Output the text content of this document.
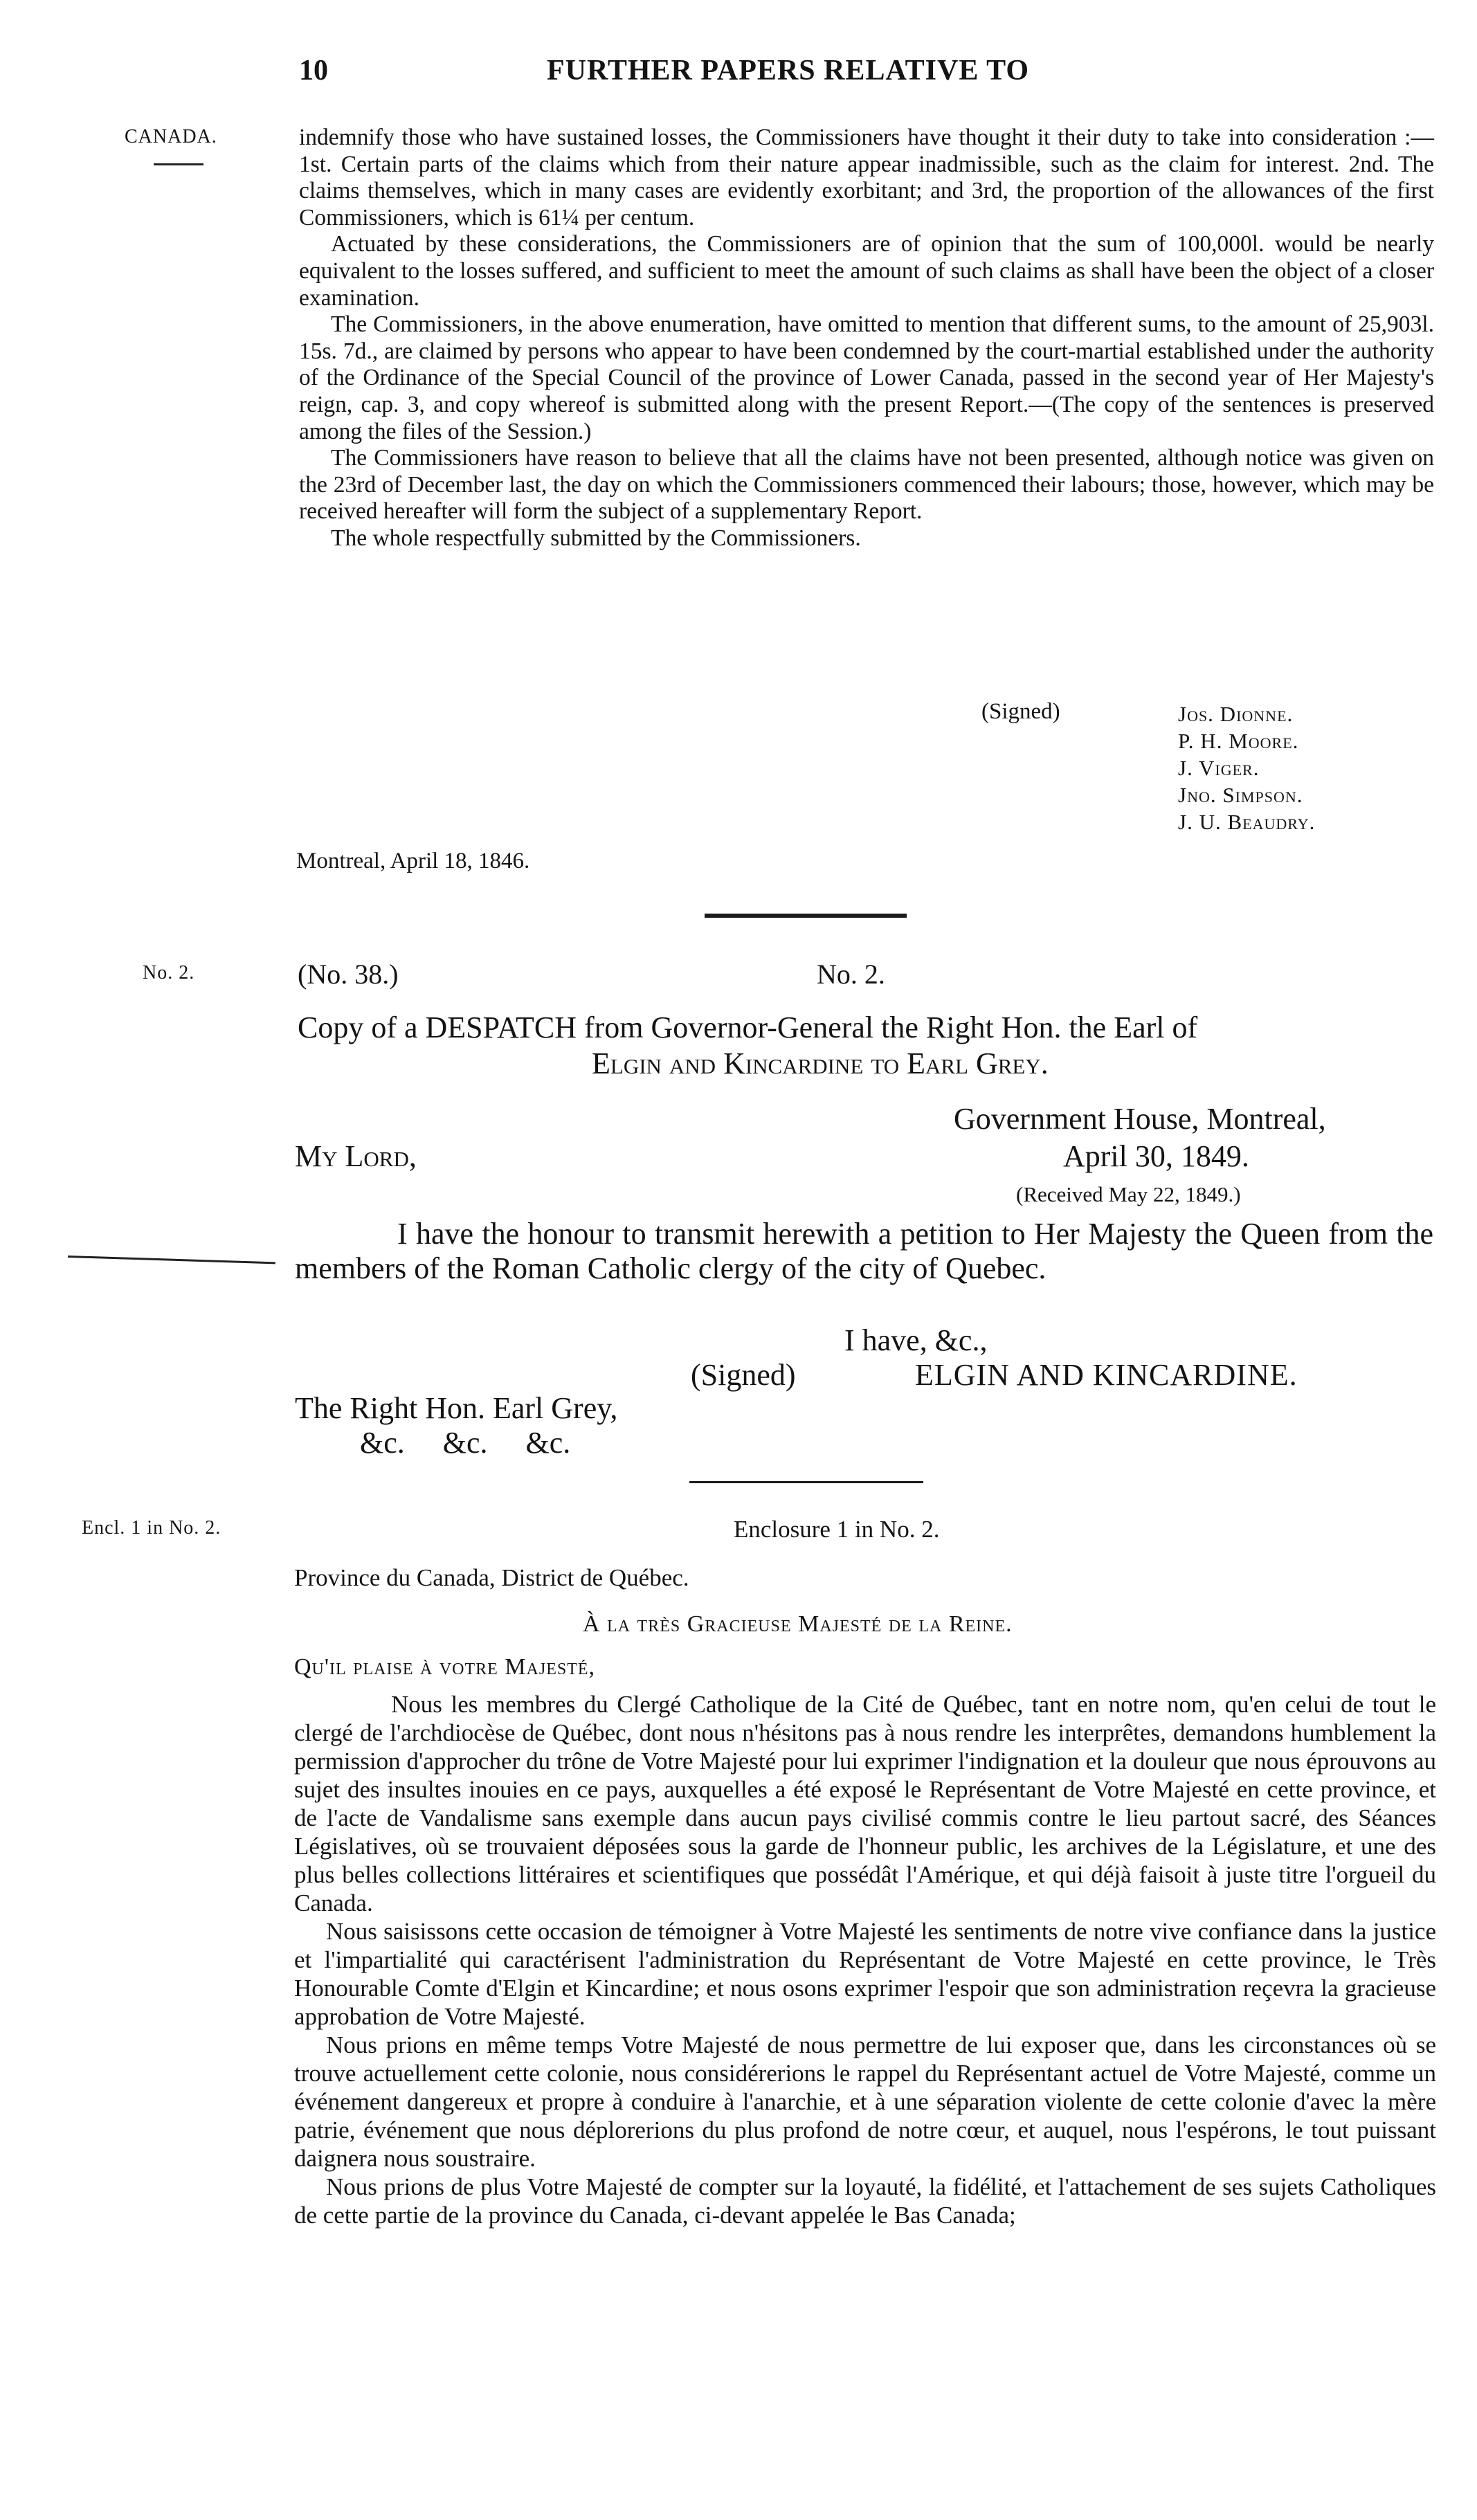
10	FURTHER PAPERS RELATIVE TO
CANADA.
No. 2.
Encl. 1 in No. 2.

indemnify those who have sustained losses, the Commissioners have thought it their duty to take into consideration :—1st. Certain parts of the claims which from their nature appear inadmissible, such as the claim for interest. 2nd. The claims themselves, which in many cases are evidently exorbitant; and 3rd, the proportion of the allowances of the first Commissioners, which is 61¼ per centum.

Actuated by these considerations, the Commissioners are of opinion that the sum of 100,000l. would be nearly equivalent to the losses suffered, and sufficient to meet the amount of such claims as shall have been the object of a closer examination.

The Commissioners, in the above enumeration, have omitted to mention that different sums, to the amount of 25,903l. 15s. 7d., are claimed by persons who appear to have been condemned by the court-martial established under the authority of the Ordinance of the Special Council of the province of Lower Canada, passed in the second year of Her Majesty's reign, cap. 3, and copy whereof is submitted along with the present Report.—(The copy of the sentences is preserved among the files of the Session.)

The Commissioners have reason to believe that all the claims have not been presented, although notice was given on the 23rd of December last, the day on which the Commissioners commenced their labours; those, however, which may be received hereafter will form the subject of a supplementary Report.

The whole respectfully submitted by the Commissioners.

(Signed)	Jos. Dionne.
P. H. Moore.
J. Viger.
Jno. Simpson.
J. U. Beaudry.
Montreal, April 18, 1846.
(No. 38.)	No. 2.
Copy of a DESPATCH from Governor-General the Right Hon. the Earl of
Elgin and Kincardine to Earl Grey.
Government House, Montreal,
April 30, 1849.
My Lord,
(Received May 22, 1849.)
I have the honour to transmit herewith a petition to Her Majesty the Queen from the members of the Roman Catholic clergy of the city of Quebec.
I have, &c.,
(Signed)	ELGIN AND KINCARDINE.
The Right Hon. Earl Grey,
&c.     &c.     &c.
Enclosure 1 in No. 2.
Province du Canada, District de Québec.
À la très Gracieuse Majesté de la Reine.
Qu'il plaise à votre Majesté,

Nous les membres du Clergé Catholique de la Cité de Québec, tant en notre nom, qu'en celui de tout le clergé de l'archdiocèse de Québec, dont nous n'hésitons pas à nous rendre les interprêtes, demandons humblement la permission d'approcher du trône de Votre Majesté pour lui exprimer l'indignation et la douleur que nous éprouvons au sujet des insultes inouies en ce pays, auxquelles a été exposé le Représentant de Votre Majesté en cette province, et de l'acte de Vandalisme sans exemple dans aucun pays civilisé commis contre le lieu partout sacré, des Séances Législatives, où se trouvaient déposées sous la garde de l'honneur public, les archives de la Législature, et une des plus belles collections littéraires et scientifiques que possédât l'Amérique, et qui déjà faisoit à juste titre l'orgueil du Canada.

Nous saisissons cette occasion de témoigner à Votre Majesté les sentiments de notre vive confiance dans la justice et l'impartialité qui caractérisent l'administration du Représentant de Votre Majesté en cette province, le Très Honourable Comte d'Elgin et Kincardine; et nous osons exprimer l'espoir que son administration reçevra la gracieuse approbation de Votre Majesté.

Nous prions en même temps Votre Majesté de nous permettre de lui exposer que, dans les circonstances où se trouve actuellement cette colonie, nous considérerions le rappel du Représentant actuel de Votre Majesté, comme un événement dangereux et propre à conduire à l'anarchie, et à une séparation violente de cette colonie d'avec la mère patrie, événement que nous déplorerions du plus profond de notre cœur, et auquel, nous l'espérons, le tout puissant daignera nous soustraire.

Nous prions de plus Votre Majesté de compter sur la loyauté, la fidélité, et l'attachement de ses sujets Catholiques de cette partie de la province du Canada, ci-devant appelée le Bas Canada;
